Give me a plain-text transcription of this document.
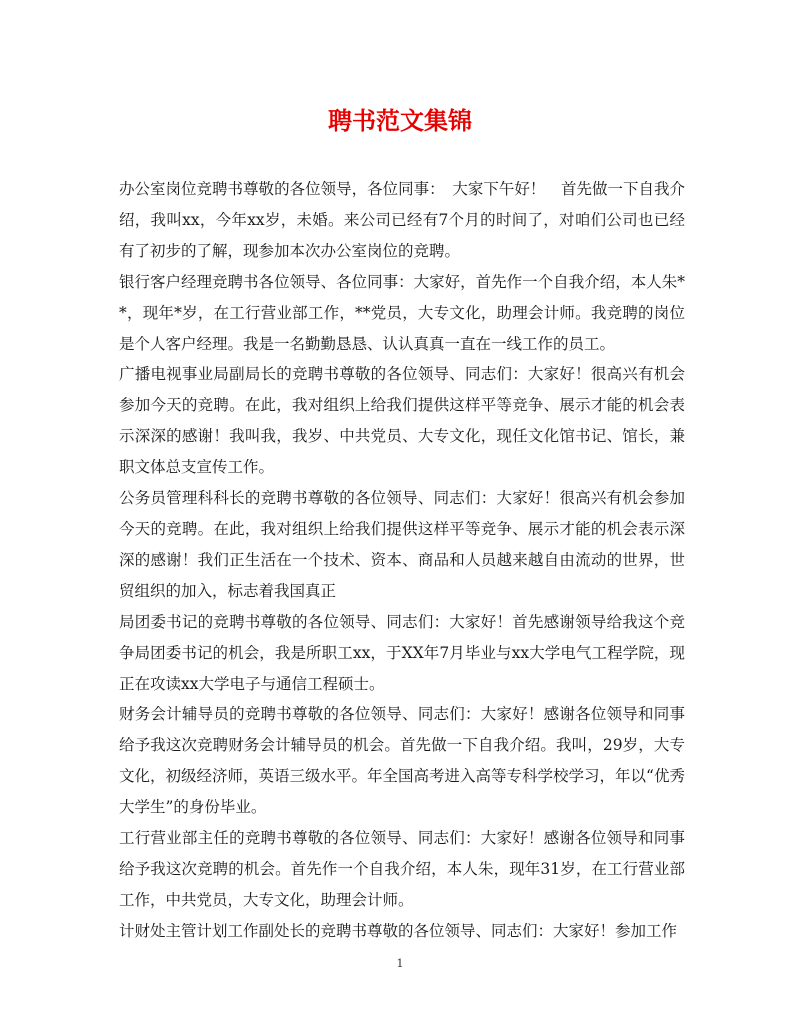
聘书范文集锦

办公室岗位竞聘书尊敬的各位领导，各位同事：　大家下午好！　首先做一下自我介绍，我叫xx，今年xx岁，未婚。来公司已经有7个月的时间了，对咱们公司也已经有了初步的了解，现参加本次办公室岗位的竞聘。

银行客户经理竞聘书各位领导、各位同事：大家好，首先作一个自我介绍，本人朱**，现年*岁，在工行营业部工作，**党员，大专文化，助理会计师。我竞聘的岗位是个人客户经理。我是一名勤勤恳恳、认认真真一直在一线工作的员工。

广播电视事业局副局长的竞聘书尊敬的各位领导、同志们：大家好！很高兴有机会参加今天的竞聘。在此，我对组织上给我们提供这样平等竞争、展示才能的机会表示深深的感谢！我叫我，我岁、中共党员、大专文化，现任文化馆书记、馆长，兼职文体总支宣传工作。

公务员管理科科长的竞聘书尊敬的各位领导、同志们：大家好！很高兴有机会参加今天的竞聘。在此，我对组织上给我们提供这样平等竞争、展示才能的机会表示深深的感谢！我们正生活在一个技术、资本、商品和人员越来越自由流动的世界，世贸组织的加入，标志着我国真正

局团委书记的竞聘书尊敬的各位领导、同志们：大家好！首先感谢领导给我这个竞争局团委书记的机会，我是所职工xx，于XX年7月毕业与xx大学电气工程学院，现正在攻读xx大学电子与通信工程硕士。

财务会计辅导员的竞聘书尊敬的各位领导、同志们：大家好！感谢各位领导和同事给予我这次竞聘财务会计辅导员的机会。首先做一下自我介绍。我叫，29岁，大专文化，初级经济师，英语三级水平。年全国高考进入高等专科学校学习，年以“优秀大学生”的身份毕业。

工行营业部主任的竞聘书尊敬的各位领导、同志们：大家好！感谢各位领导和同事给予我这次竞聘的机会。首先作一个自我介绍，本人朱，现年31岁，在工行营业部工作，中共党员，大专文化，助理会计师。

计财处主管计划工作副处长的竞聘书尊敬的各位领导、同志们：大家好！参加工作

1
